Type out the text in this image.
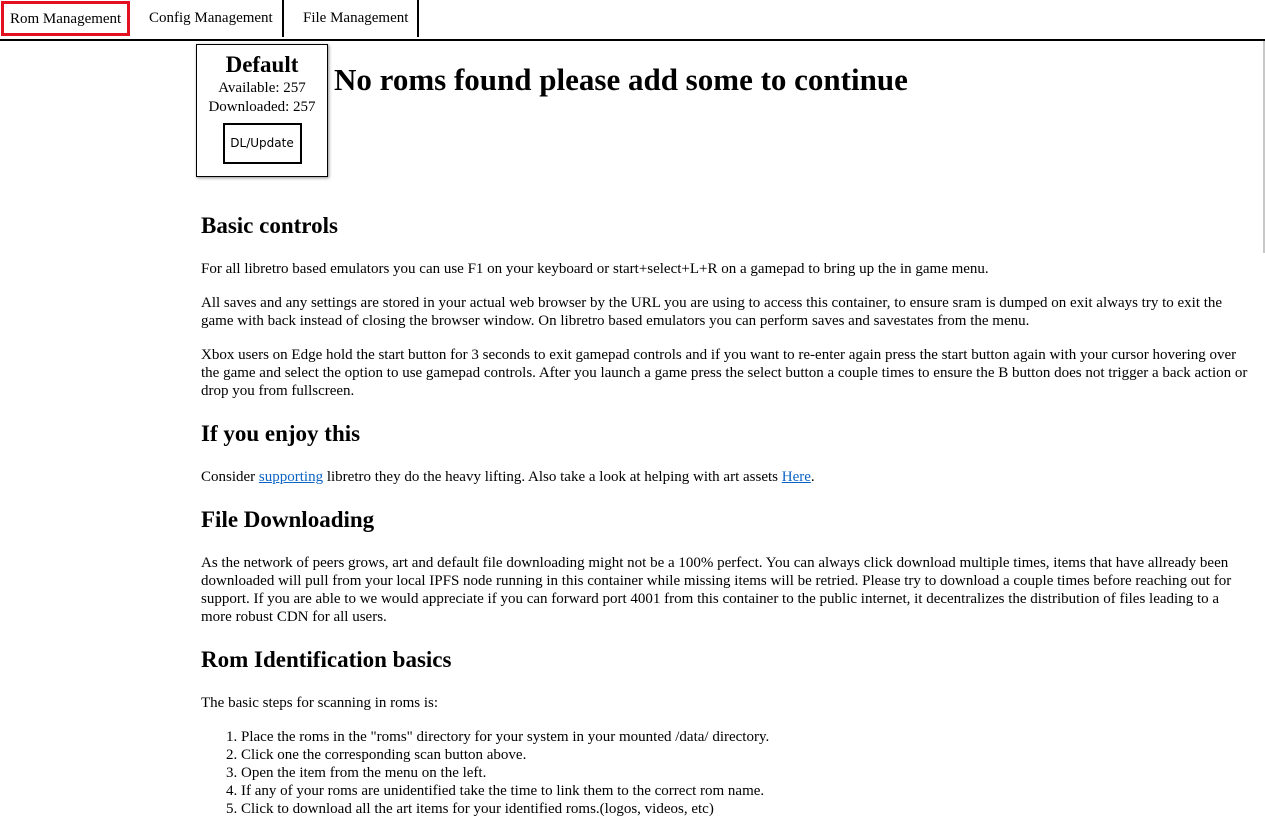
Rom Management	Config Management	File Management
Default
Available: 257
Downloaded: 257
DL/Update
No roms found please add some to continue
Basic controls

For all libretro based emulators you can use F1 on your keyboard or start+select+L+R on a gamepad to bring up the in game menu.

All saves and any settings are stored in your actual web browser by the URL you are using to access this container, to ensure sram is dumped on exit always try to exit the game with back instead of closing the browser window. On libretro based emulators you can perform saves and savestates from the menu.

Xbox users on Edge hold the start button for 3 seconds to exit gamepad controls and if you want to re-enter again press the start button again with your cursor hovering over the game and select the option to use gamepad controls. After you launch a game press the select button a couple times to ensure the B button does not trigger a back action or drop you from fullscreen.

If you enjoy this

Consider supporting libretro they do the heavy lifting. Also take a look at helping with art assets Here.

File Downloading

As the network of peers grows, art and default file downloading might not be a 100% perfect. You can always click download multiple times, items that have allready been downloaded will pull from your local IPFS node running in this container while missing items will be retried. Please try to download a couple times before reaching out for support. If you are able to we would appreciate if you can forward port 4001 from this container to the public internet, it decentralizes the distribution of files leading to a more robust CDN for all users.

Rom Identification basics

The basic steps for scanning in roms is:

1. Place the roms in the "roms" directory for your system in your mounted /data/ directory.
2. Click one the corresponding scan button above.
3. Open the item from the menu on the left.
4. If any of your roms are unidentified take the time to link them to the correct rom name.
5. Click to download all the art items for your identified roms.(logos, videos, etc)
